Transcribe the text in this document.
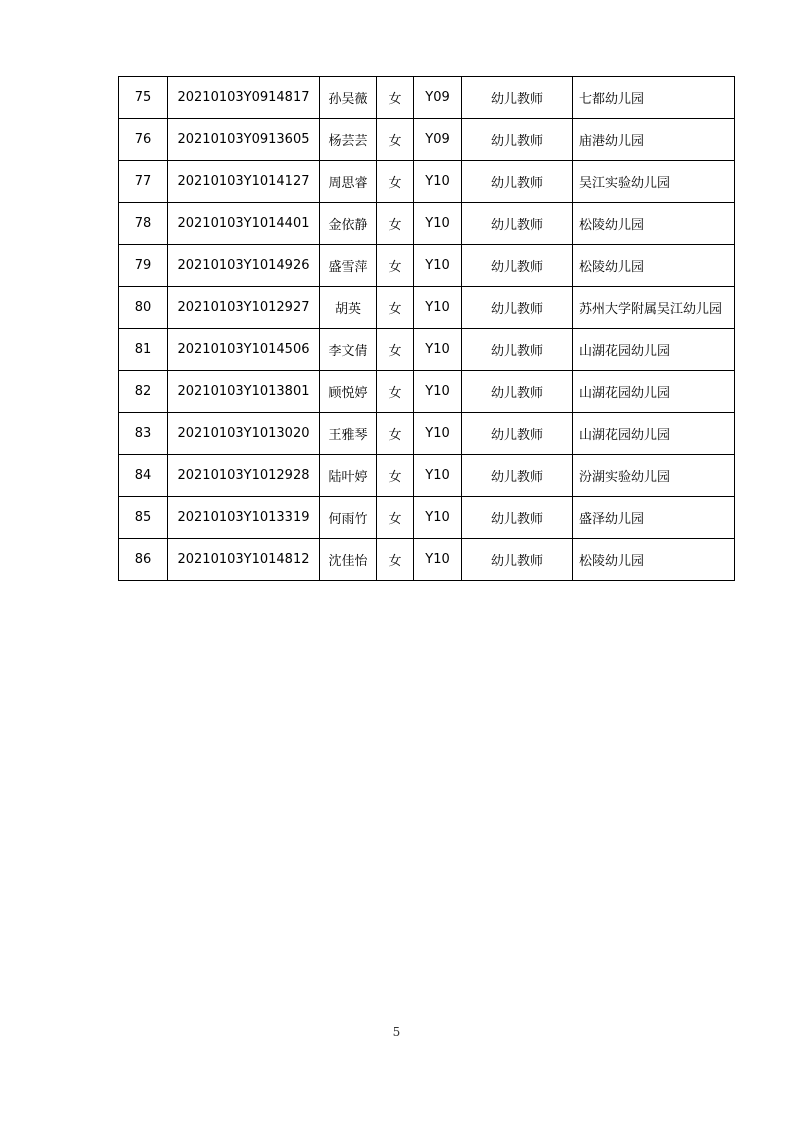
75	20210103Y0914817	孙吴薇	女	Y09	幼儿教师	七都幼儿园
76	20210103Y0913605	杨芸芸	女	Y09	幼儿教师	庙港幼儿园
77	20210103Y1014127	周思睿	女	Y10	幼儿教师	吴江实验幼儿园
78	20210103Y1014401	金依静	女	Y10	幼儿教师	松陵幼儿园
79	20210103Y1014926	盛雪萍	女	Y10	幼儿教师	松陵幼儿园
80	20210103Y1012927	胡英	女	Y10	幼儿教师	苏州大学附属吴江幼儿园
81	20210103Y1014506	李文倩	女	Y10	幼儿教师	山湖花园幼儿园
82	20210103Y1013801	顾悦婷	女	Y10	幼儿教师	山湖花园幼儿园
83	20210103Y1013020	王雅琴	女	Y10	幼儿教师	山湖花园幼儿园
84	20210103Y1012928	陆叶婷	女	Y10	幼儿教师	汾湖实验幼儿园
85	20210103Y1013319	何雨竹	女	Y10	幼儿教师	盛泽幼儿园
86	20210103Y1014812	沈佳怡	女	Y10	幼儿教师	松陵幼儿园
5
